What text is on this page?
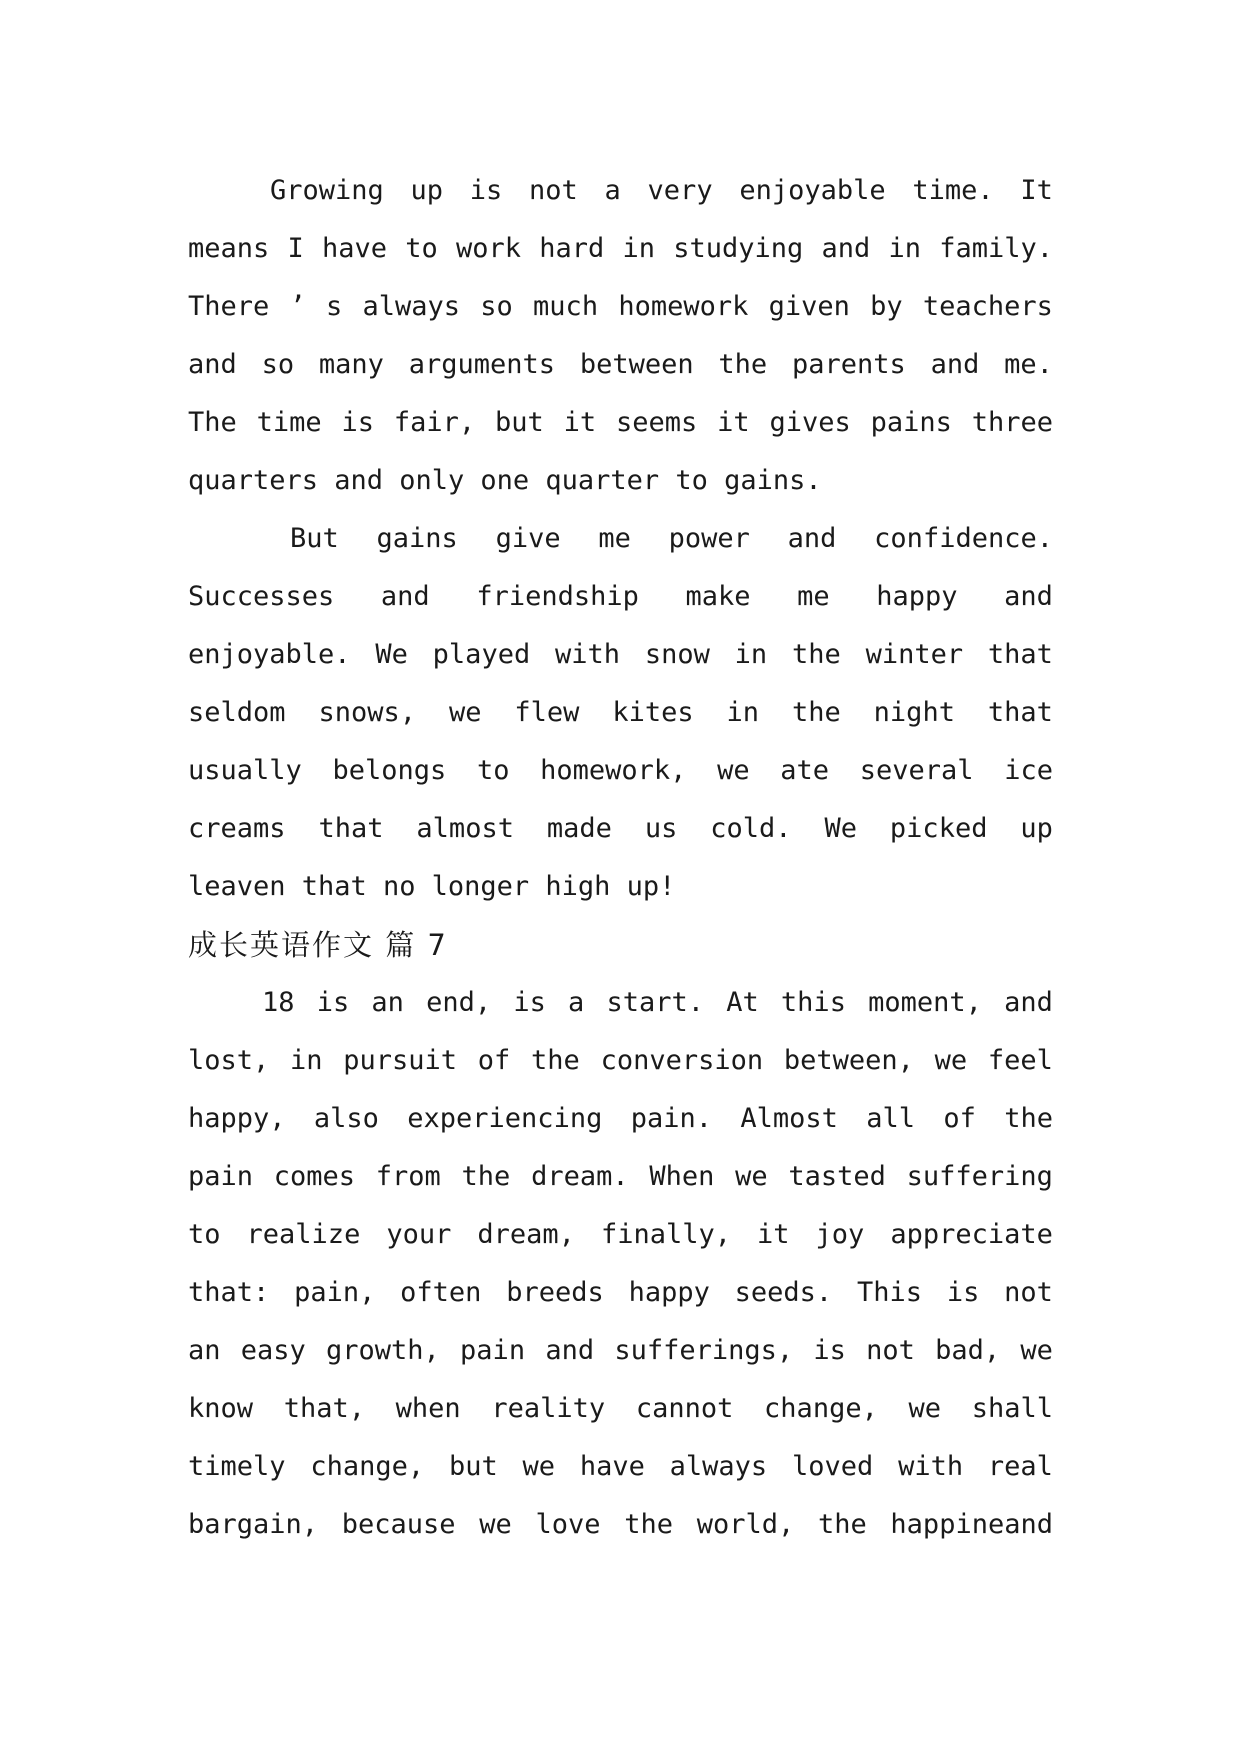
Growing up is not a very enjoyable time. It
means I have to work hard in studying and in family.
There ’ s always so much homework given by teachers
and so many arguments between the parents and me.
The time is fair, but it seems it gives pains three
quarters and only one quarter to gains.
But gains give me power and confidence.
Successes and friendship make me happy and
enjoyable. We played with snow in the winter that
seldom snows, we flew kites in the night that
usually belongs to homework, we ate several ice
creams that almost made us cold. We picked up
leaven that no longer high up!
成长英语作文 篇 7
18 is an end, is a start. At this moment, and
lost, in pursuit of the conversion between, we feel
happy, also experiencing pain. Almost all of the
pain comes from the dream. When we tasted suffering
to realize your dream, finally, it joy appreciate
that: pain, often breeds happy seeds. This is not
an easy growth, pain and sufferings, is not bad, we
know that, when reality cannot change, we shall
timely change, but we have always loved with real
bargain, because we love the world, the happineand
